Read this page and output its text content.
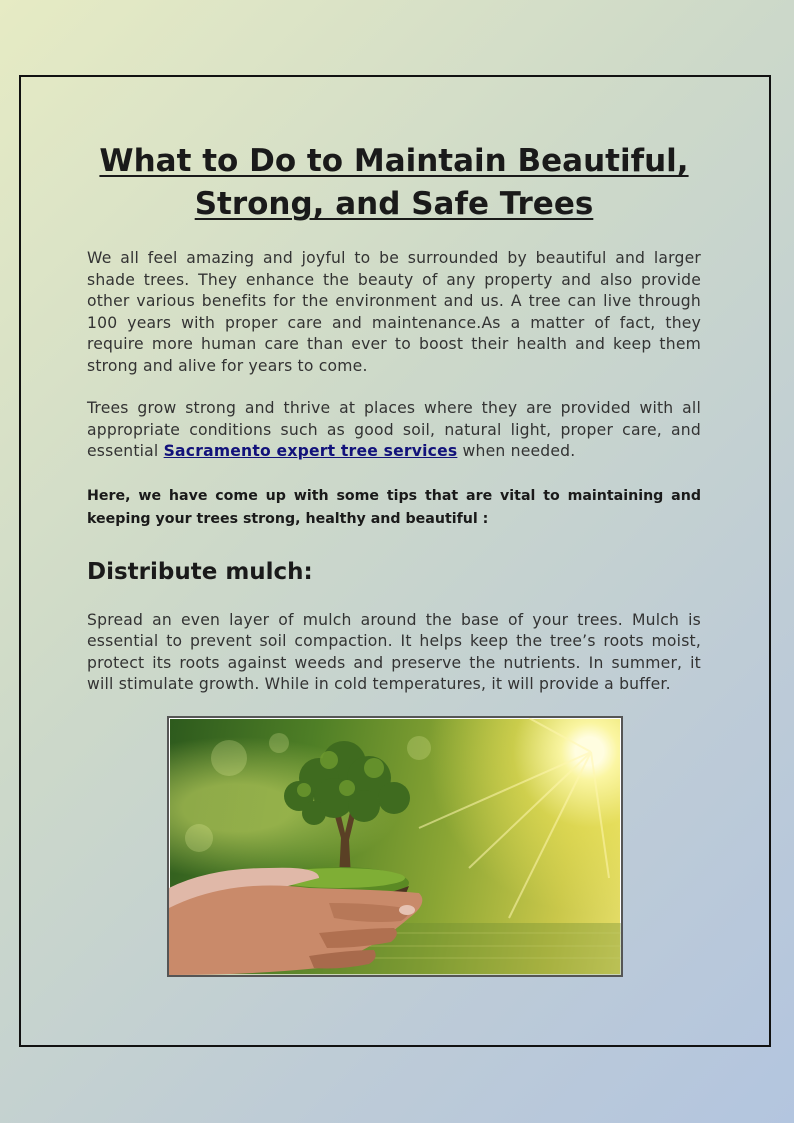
What to Do to Maintain Beautiful, Strong, and Safe Trees

We all feel amazing and joyful to be surrounded by beautiful and larger shade trees. They enhance the beauty of any property and also provide other various benefits for the environment and us. A tree can live through 100 years with proper care and maintenance.As a matter of fact, they require more human care than ever to boost their health and keep them strong and alive for years to come.

Trees grow strong and thrive at places where they are provided with all appropriate conditions such as good soil, natural light, proper care, and essential Sacramento expert tree services when needed.

Here, we have come up with some tips that are vital to maintaining and keeping your trees strong, healthy and beautiful :

Distribute mulch:

Spread an even layer of mulch around the base of your trees. Mulch is essential to prevent soil compaction. It helps keep the tree’s roots moist, protect its roots against weeds and preserve the nutrients. In summer, it will stimulate growth. While in cold temperatures, it will provide a buffer.
